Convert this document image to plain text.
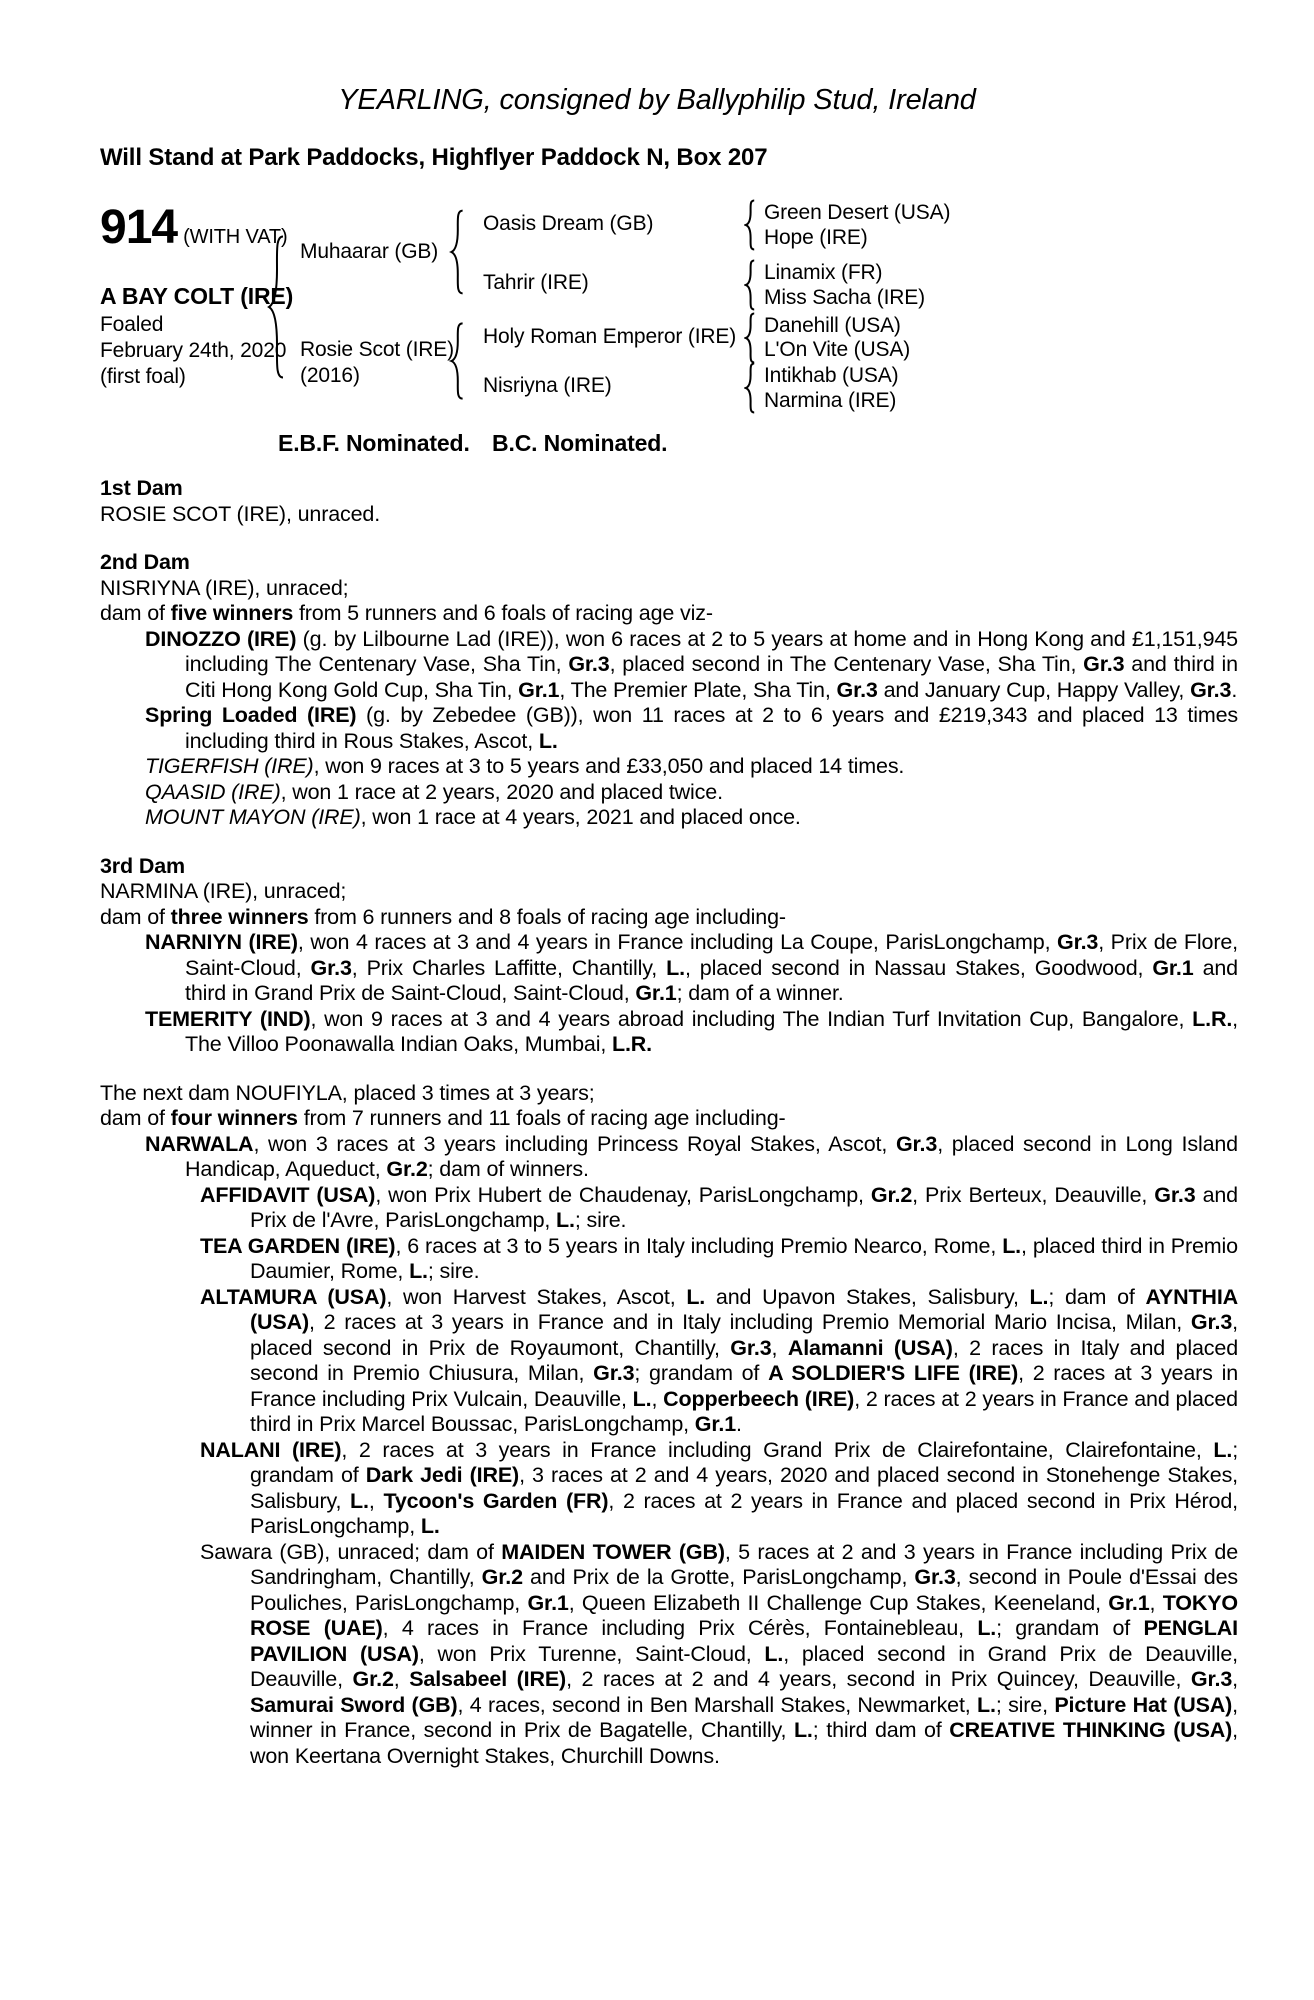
YEARLING, consigned by Ballyphilip Stud, Ireland
Will Stand at Park Paddocks, Highflyer Paddock N, Box 207
914 (WITH VAT)
A BAY COLT (IRE)
Foaled
February 24th, 2020
(first foal)
Muhaarar (GB)
Rosie Scot (IRE)
(2016)
Oasis Dream (GB)
Tahrir (IRE)
Holy Roman Emperor (IRE)
Nisriyna (IRE)
Green Desert (USA)
Hope (IRE)
Linamix (FR)
Miss Sacha (IRE)
Danehill (USA)
L'On Vite (USA)
Intikhab (USA)
Narmina (IRE)
E.B.F. Nominated. B.C. Nominated.
1st Dam

ROSIE SCOT (IRE), unraced.

2nd Dam

NISRIYNA (IRE), unraced;

dam of five winners from 5 runners and 6 foals of racing age viz-

DINOZZO (IRE) (g. by Lilbourne Lad (IRE)), won 6 races at 2 to 5 years at home and in Hong Kong and £1,151,945 including The Centenary Vase, Sha Tin, Gr.3, placed second in The Centenary Vase, Sha Tin, Gr.3 and third in Citi Hong Kong Gold Cup, Sha Tin, Gr.1, The Premier Plate, Sha Tin, Gr.3 and January Cup, Happy Valley, Gr.3.

Spring Loaded (IRE) (g. by Zebedee (GB)), won 11 races at 2 to 6 years and £219,343 and placed 13 times including third in Rous Stakes, Ascot, L.

TIGERFISH (IRE), won 9 races at 3 to 5 years and £33,050 and placed 14 times.

QAASID (IRE), won 1 race at 2 years, 2020 and placed twice.

MOUNT MAYON (IRE), won 1 race at 4 years, 2021 and placed once.

3rd Dam

NARMINA (IRE), unraced;

dam of three winners from 6 runners and 8 foals of racing age including-

NARNIYN (IRE), won 4 races at 3 and 4 years in France including La Coupe, ParisLongchamp, Gr.3, Prix de Flore, Saint-Cloud, Gr.3, Prix Charles Laffitte, Chantilly, L., placed second in Nassau Stakes, Goodwood, Gr.1 and third in Grand Prix de Saint-Cloud, Saint-Cloud, Gr.1; dam of a winner.

TEMERITY (IND), won 9 races at 3 and 4 years abroad including The Indian Turf Invitation Cup, Bangalore, L.R., The Villoo Poonawalla Indian Oaks, Mumbai, L.R.

The next dam NOUFIYLA, placed 3 times at 3 years;

dam of four winners from 7 runners and 11 foals of racing age including-

NARWALA, won 3 races at 3 years including Princess Royal Stakes, Ascot, Gr.3, placed second in Long Island Handicap, Aqueduct, Gr.2; dam of winners.

AFFIDAVIT (USA), won Prix Hubert de Chaudenay, ParisLongchamp, Gr.2, Prix Berteux, Deauville, Gr.3 and Prix de l'Avre, ParisLongchamp, L.; sire.

TEA GARDEN (IRE), 6 races at 3 to 5 years in Italy including Premio Nearco, Rome, L., placed third in Premio Daumier, Rome, L.; sire.

ALTAMURA (USA), won Harvest Stakes, Ascot, L. and Upavon Stakes, Salisbury, L.; dam of AYNTHIA (USA), 2 races at 3 years in France and in Italy including Premio Memorial Mario Incisa, Milan, Gr.3, placed second in Prix de Royaumont, Chantilly, Gr.3, Alamanni (USA), 2 races in Italy and placed second in Premio Chiusura, Milan, Gr.3; grandam of A SOLDIER'S LIFE (IRE), 2 races at 3 years in France including Prix Vulcain, Deauville, L., Copperbeech (IRE), 2 races at 2 years in France and placed third in Prix Marcel Boussac, ParisLongchamp, Gr.1.

NALANI (IRE), 2 races at 3 years in France including Grand Prix de Clairefontaine, Clairefontaine, L.; grandam of Dark Jedi (IRE), 3 races at 2 and 4 years, 2020 and placed second in Stonehenge Stakes, Salisbury, L., Tycoon's Garden (FR), 2 races at 2 years in France and placed second in Prix Hérod, ParisLongchamp, L.

Sawara (GB), unraced; dam of MAIDEN TOWER (GB), 5 races at 2 and 3 years in France including Prix de Sandringham, Chantilly, Gr.2 and Prix de la Grotte, ParisLongchamp, Gr.3, second in Poule d'Essai des Pouliches, ParisLongchamp, Gr.1, Queen Elizabeth II Challenge Cup Stakes, Keeneland, Gr.1, TOKYO ROSE (UAE), 4 races in France including Prix Cérès, Fontainebleau, L.; grandam of PENGLAI PAVILION (USA), won Prix Turenne, Saint-Cloud, L., placed second in Grand Prix de Deauville, Deauville, Gr.2, Salsabeel (IRE), 2 races at 2 and 4 years, second in Prix Quincey, Deauville, Gr.3, Samurai Sword (GB), 4 races, second in Ben Marshall Stakes, Newmarket, L.; sire, Picture Hat (USA), winner in France, second in Prix de Bagatelle, Chantilly, L.; third dam of CREATIVE THINKING (USA), won Keertana Overnight Stakes, Churchill Downs.
